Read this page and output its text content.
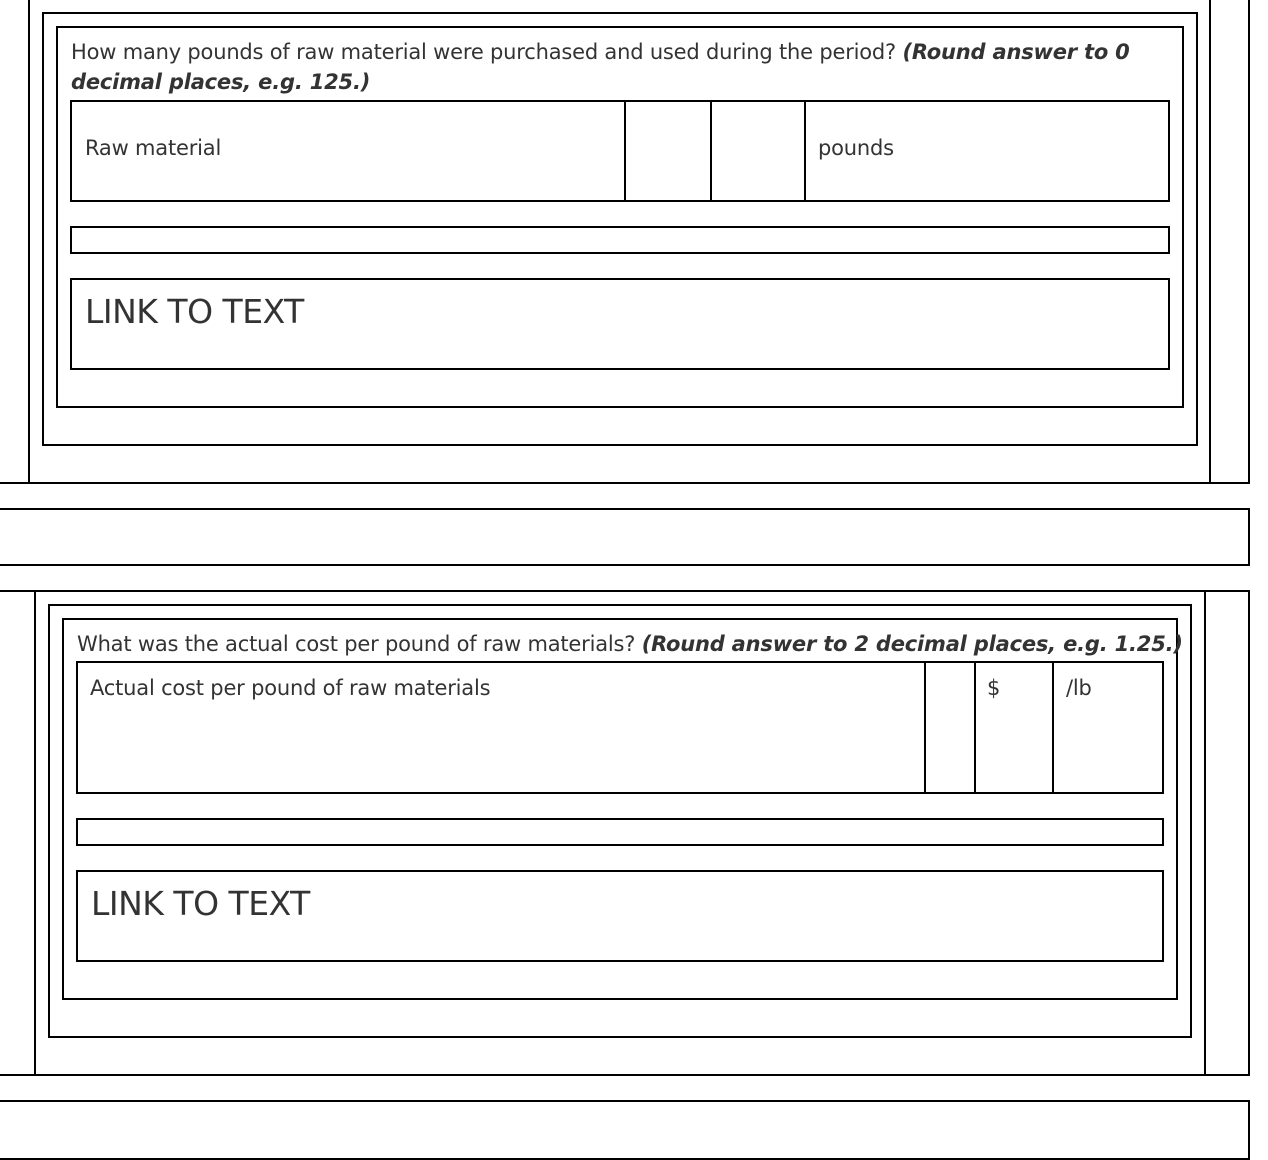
How many pounds of raw material were purchased and used during the period? (Round answer to 0
decimal places, e.g. 125.)
Raw material	pounds
LINK TO TEXT
What was the actual cost per pound of raw materials? (Round answer to 2 decimal places, e.g. 1.25.)
Actual cost per pound of raw materials	$	/lb
LINK TO TEXT
